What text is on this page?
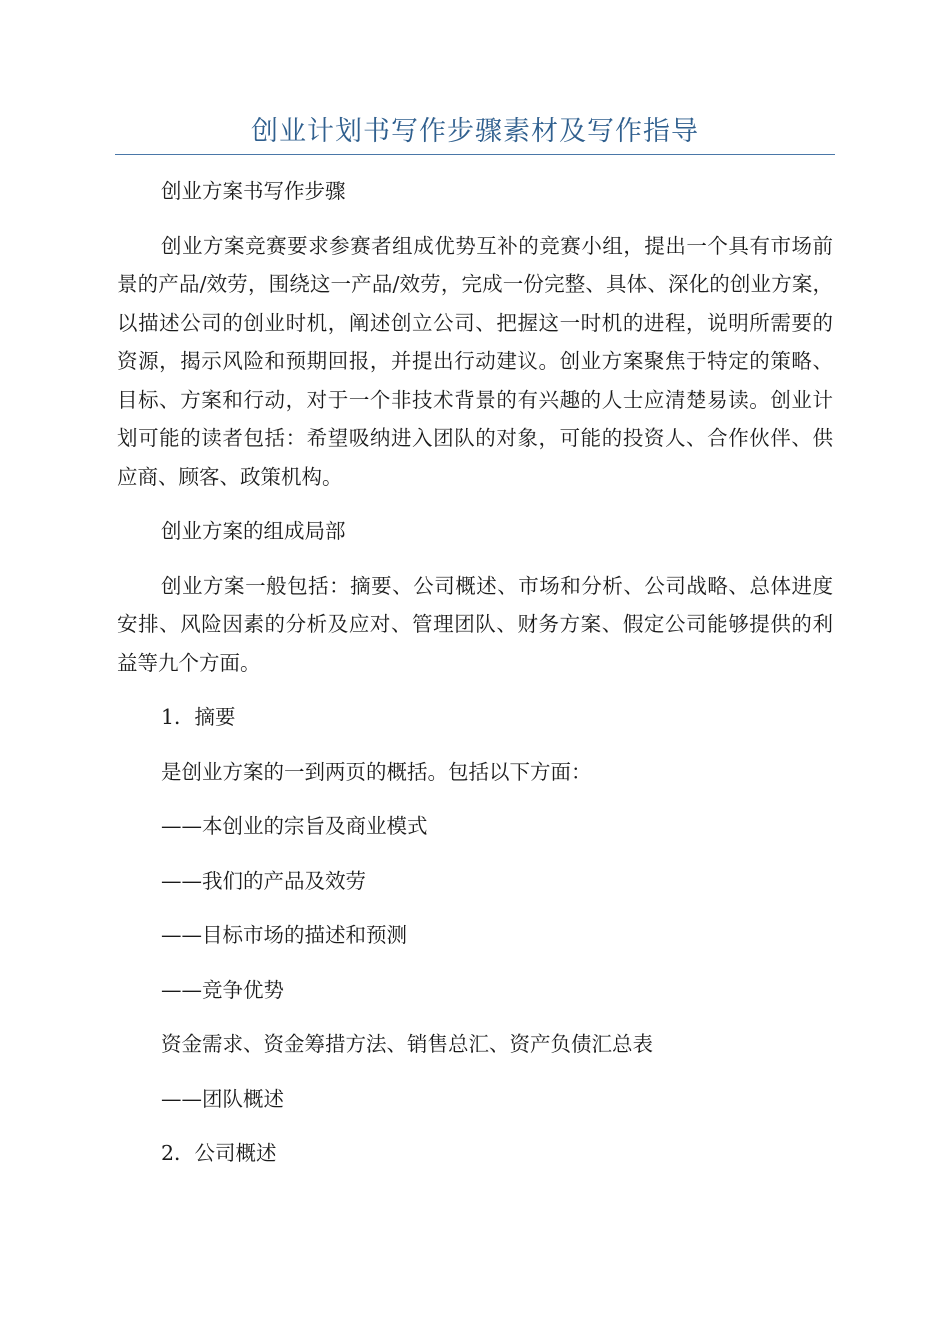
创业计划书写作步骤素材及写作指导

创业方案书写作步骤

创业方案竞赛要求参赛者组成优势互补的竞赛小组，提出一个具有市场前景的产品/效劳，围绕这一产品/效劳，完成一份完整、具体、深化的创业方案，以描述公司的创业时机，阐述创立公司、把握这一时机的进程，说明所需要的资源，揭示风险和预期回报，并提出行动建议。创业方案聚焦于特定的策略、目标、方案和行动，对于一个非技术背景的有兴趣的人士应清楚易读。创业计划可能的读者包括：希望吸纳进入团队的对象，可能的投资人、合作伙伴、供应商、顾客、政策机构。

创业方案的组成局部

创业方案一般包括：摘要、公司概述、市场和分析、公司战略、总体进度安排、风险因素的分析及应对、管理团队、财务方案、假定公司能够提供的利益等九个方面。

1．摘要

是创业方案的一到两页的概括。包括以下方面：

——本创业的宗旨及商业模式

——我们的产品及效劳

——目标市场的描述和预测

——竞争优势

资金需求、资金筹措方法、销售总汇、资产负债汇总表

——团队概述

2．公司概述
